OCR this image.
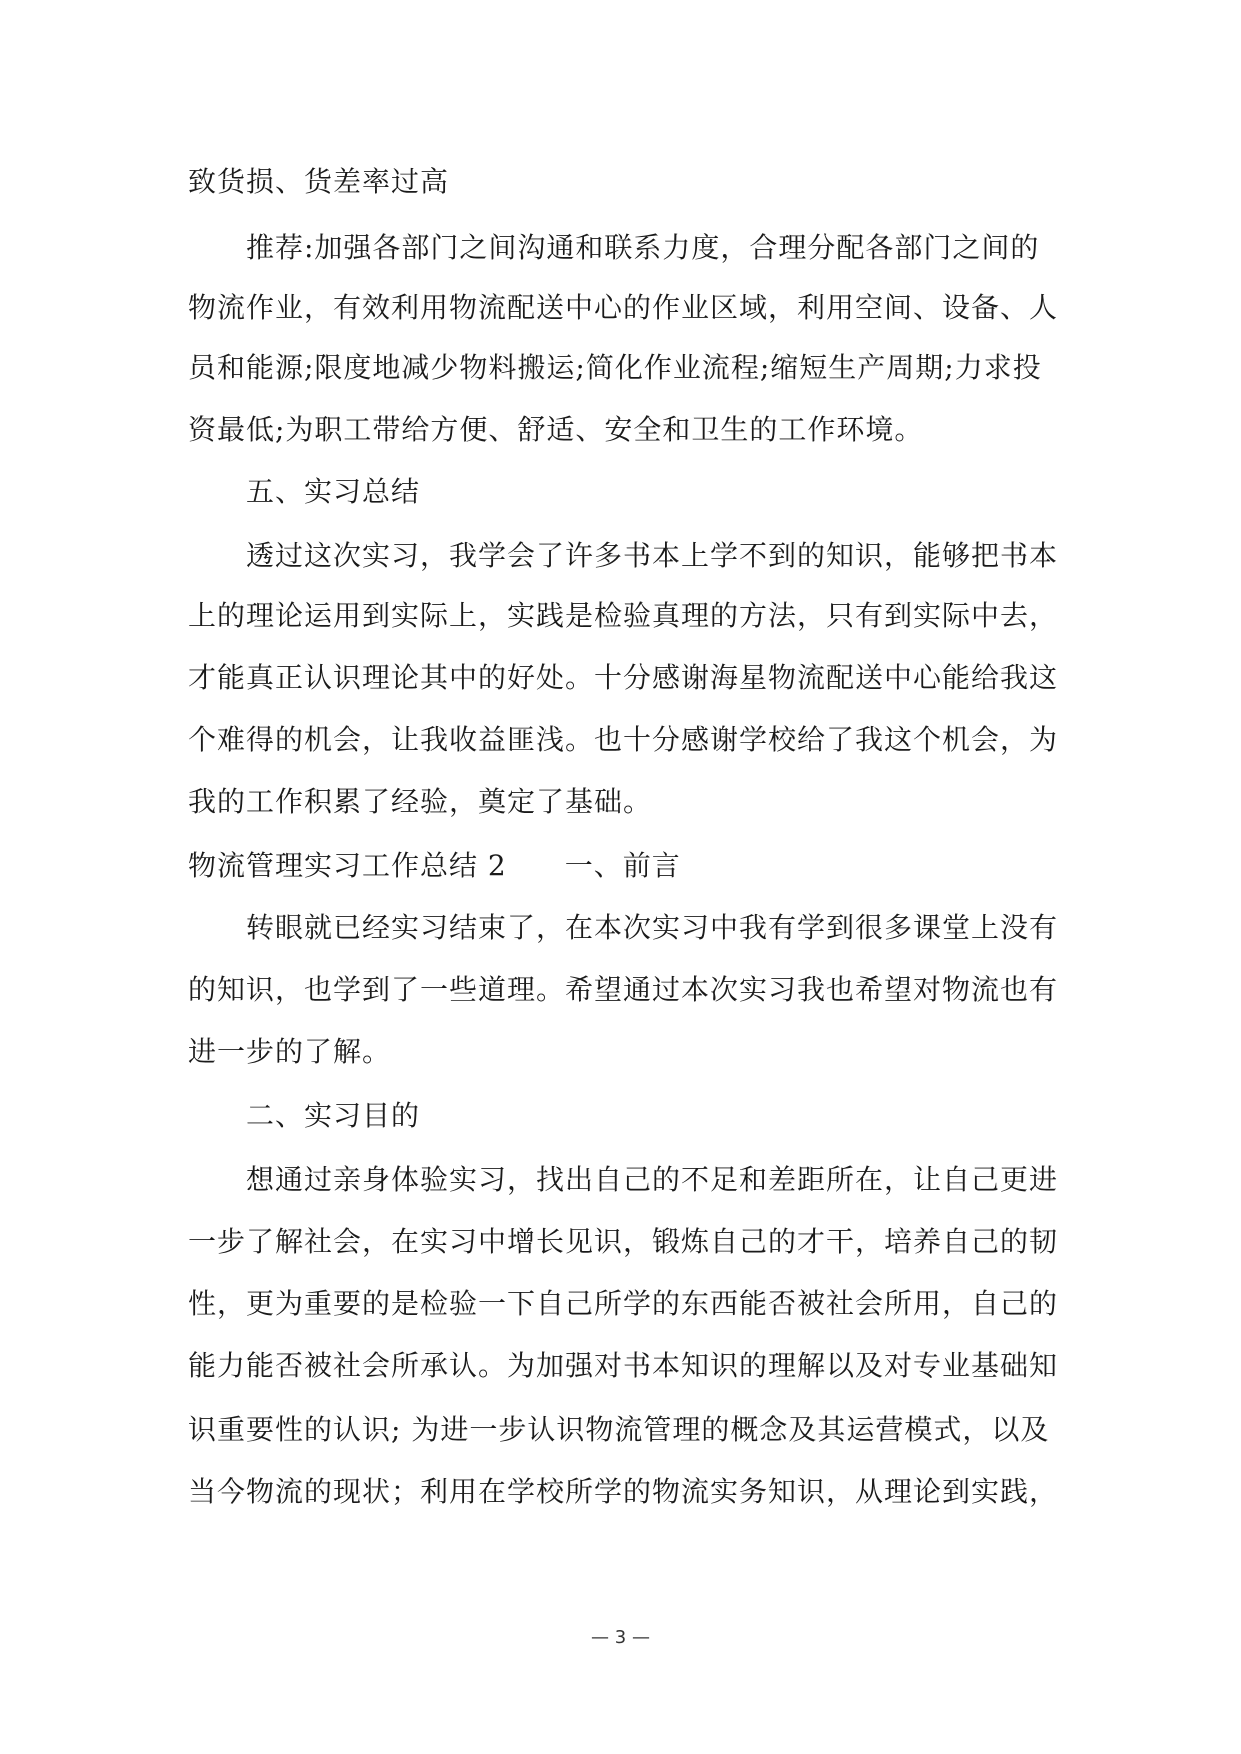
致货损、货差率过高
推荐:加强各部门之间沟通和联系力度，合理分配各部门之间的
物流作业，有效利用物流配送中心的作业区域，利用空间、设备、人
员和能源;限度地减少物料搬运;简化作业流程;缩短生产周期;力求投
资最低;为职工带给方便、舒适、安全和卫生的工作环境。
五、实习总结
透过这次实习，我学会了许多书本上学不到的知识，能够把书本
上的理论运用到实际上，实践是检验真理的方法，只有到实际中去，
才能真正认识理论其中的好处。十分感谢海星物流配送中心能给我这
个难得的机会，让我收益匪浅。也十分感谢学校给了我这个机会，为
我的工作积累了经验，奠定了基础。
物流管理实习工作总结 2　　一、前言
转眼就已经实习结束了，在本次实习中我有学到很多课堂上没有
的知识，也学到了一些道理。希望通过本次实习我也希望对物流也有
进一步的了解。
二、实习目的
想通过亲身体验实习，找出自己的不足和差距所在，让自己更进
一步了解社会，在实习中增长见识，锻炼自己的才干，培养自己的韧
性，更为重要的是检验一下自己所学的东西能否被社会所用，自己的
能力能否被社会所承认。为加强对书本知识的理解以及对专业基础知
识重要性的认识; 为进一步认识物流管理的概念及其运营模式，以及
当今物流的现状；利用在学校所学的物流实务知识，从理论到实践，
— 3 —
